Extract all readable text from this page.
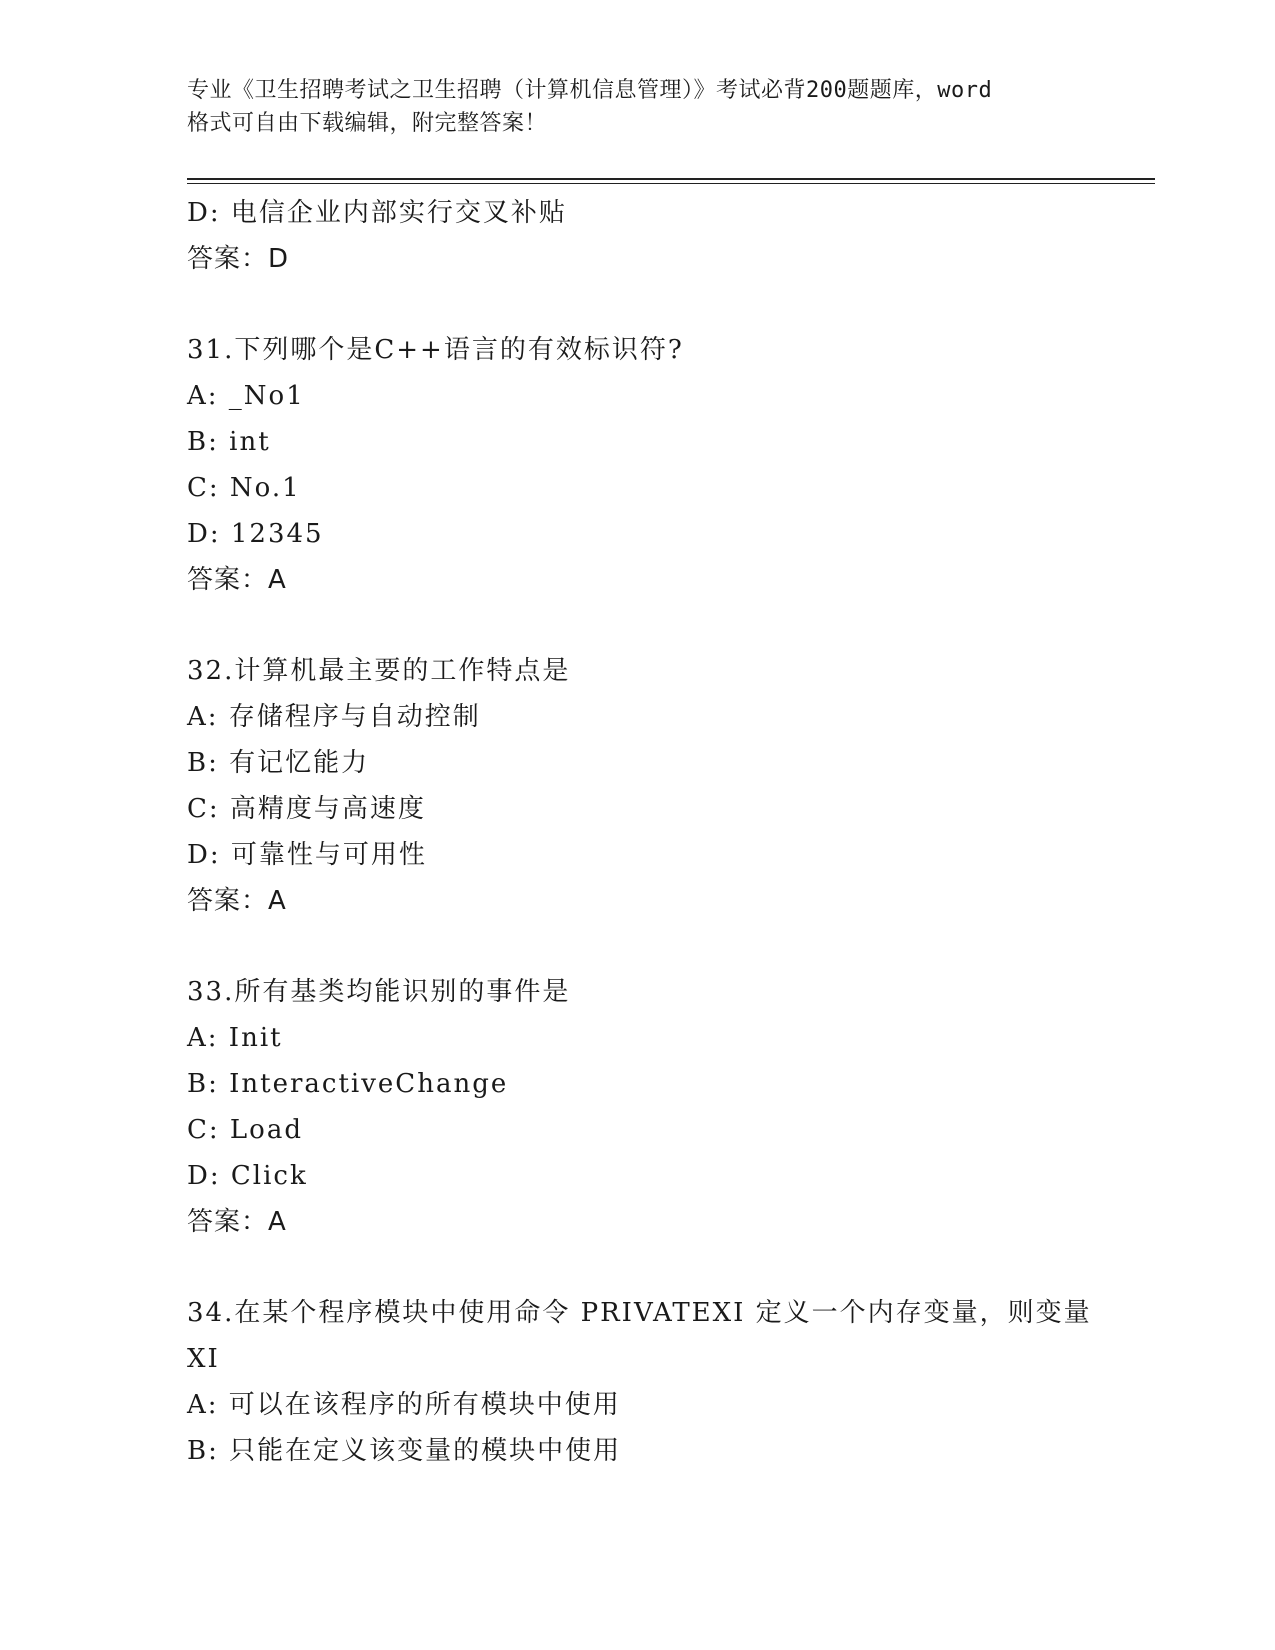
专业《卫生招聘考试之卫生招聘（计算机信息管理）》考试必背200题题库，word
格式可自由下载编辑，附完整答案！
D: 电信企业内部实行交叉补贴
答案：D
31.下列哪个是C++语言的有效标识符?
A: _No1
B: int
C: No.1
D: 12345
答案：A
32.计算机最主要的工作特点是
A: 存储程序与自动控制
B: 有记忆能力
C: 高精度与高速度
D: 可靠性与可用性
答案：A
33.所有基类均能识别的事件是
A: Init
B: InteractiveChange
C: Load
D: Click
答案：A
34.在某个程序模块中使用命令 PRIVATEXI 定义一个内存变量，则变量
XI
A: 可以在该程序的所有模块中使用
B: 只能在定义该变量的模块中使用
